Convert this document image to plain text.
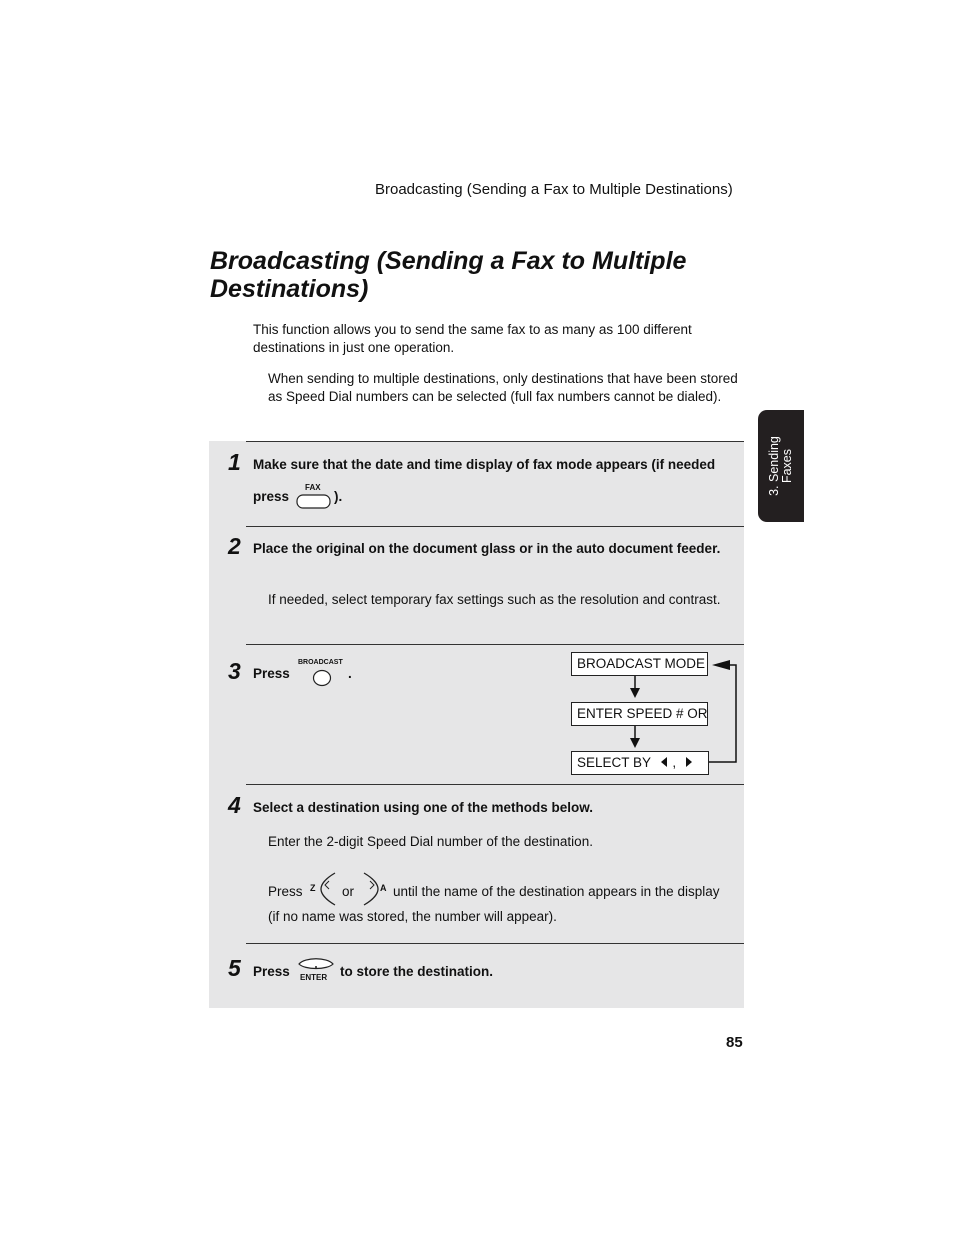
Broadcasting (Sending a Fax to Multiple Destinations)
Broadcasting (Sending a Fax to Multiple Destinations)
This function allows you to send the same fax to as many as 100 different destinations in just one operation.
When sending to multiple destinations, only destinations that have been stored as Speed Dial numbers can be selected (full fax numbers cannot be dialed).
3. Sending Faxes
1 Make sure that the date and time display of fax mode appears (if needed
press
FAX
).
2 Place the original on the document glass or in the auto document feeder.
If needed, select temporary fax settings such as the resolution and contrast.
3 Press
BROADCAST
.
BROADCAST MODE
ENTER SPEED # OR
SELECT BY ,
4 Select a destination using one of the methods below.
Enter the 2-digit Speed Dial number of the destination.
Press Z or	A until the name of the destination appears in the display
(if no name was stored, the number will appear).
5 Press ENTER to store the destination.
85
